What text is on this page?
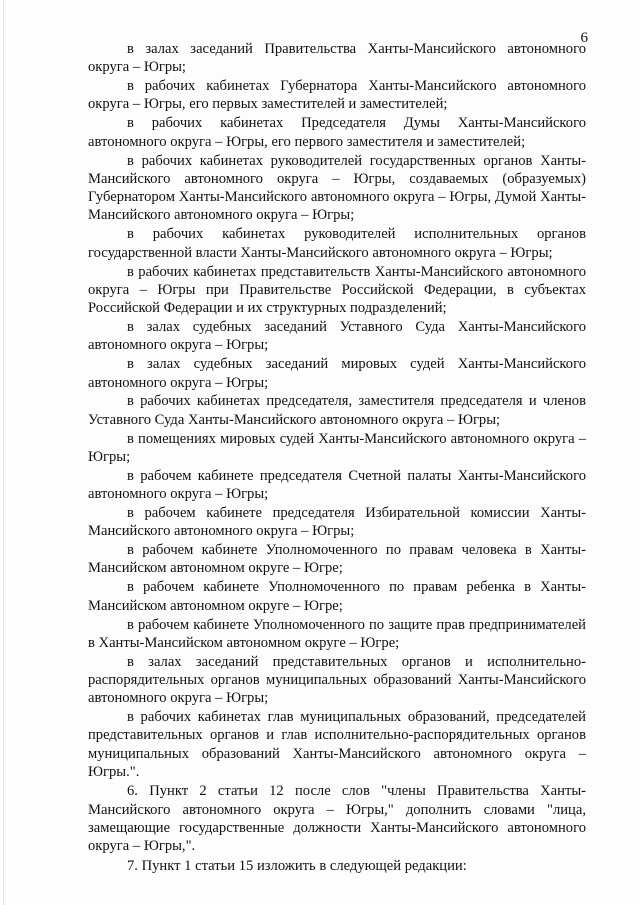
6

в залах заседаний Правительства Ханты-Мансийского автономного округа – Югры;

в рабочих кабинетах Губернатора Ханты-Мансийского автономного округа – Югры, его первых заместителей и заместителей;

в рабочих кабинетах Председателя Думы Ханты-Мансийского автономного округа – Югры, его первого заместителя и заместителей;

в рабочих кабинетах руководителей государственных органов Ханты-Мансийского автономного округа – Югры, создаваемых (образуемых) Губернатором Ханты-Мансийского автономного округа – Югры, Думой Ханты-Мансийского автономного округа – Югры;

в рабочих кабинетах руководителей исполнительных органов государственной власти Ханты-Мансийского автономного округа – Югры;

в рабочих кабинетах представительств Ханты-Мансийского автономного округа – Югры при Правительстве Российской Федерации, в субъектах Российской Федерации и их структурных подразделений;

в залах судебных заседаний Уставного Суда Ханты-Мансийского автономного округа – Югры;

в залах судебных заседаний мировых судей Ханты-Мансийского автономного округа – Югры;

в рабочих кабинетах председателя, заместителя председателя и членов Уставного Суда Ханты-Мансийского автономного округа – Югры;

в помещениях мировых судей Ханты-Мансийского автономного округа – Югры;

в рабочем кабинете председателя Счетной палаты Ханты-Мансийского автономного округа – Югры;

в рабочем кабинете председателя Избирательной комиссии Ханты-Мансийского автономного округа – Югры;

в рабочем кабинете Уполномоченного по правам человека в Ханты-Мансийском автономном округе – Югре;

в рабочем кабинете Уполномоченного по правам ребенка в Ханты-Мансийском автономном округе – Югре;

в рабочем кабинете Уполномоченного по защите прав предпринимателей в Ханты-Мансийском автономном округе – Югре;

в залах заседаний представительных органов и исполнительно-распорядительных органов муниципальных образований Ханты-Мансийского автономного округа – Югры;

в рабочих кабинетах глав муниципальных образований, председателей представительных органов и глав исполнительно-распорядительных органов муниципальных образований Ханты-Мансийского автономного округа – Югры.".

6. Пункт 2 статьи 12 после слов "члены Правительства Ханты-Мансийского автономного округа – Югры," дополнить словами "лица, замещающие государственные должности Ханты-Мансийского автономного округа – Югры,".

7. Пункт 1 статьи 15 изложить в следующей редакции:
